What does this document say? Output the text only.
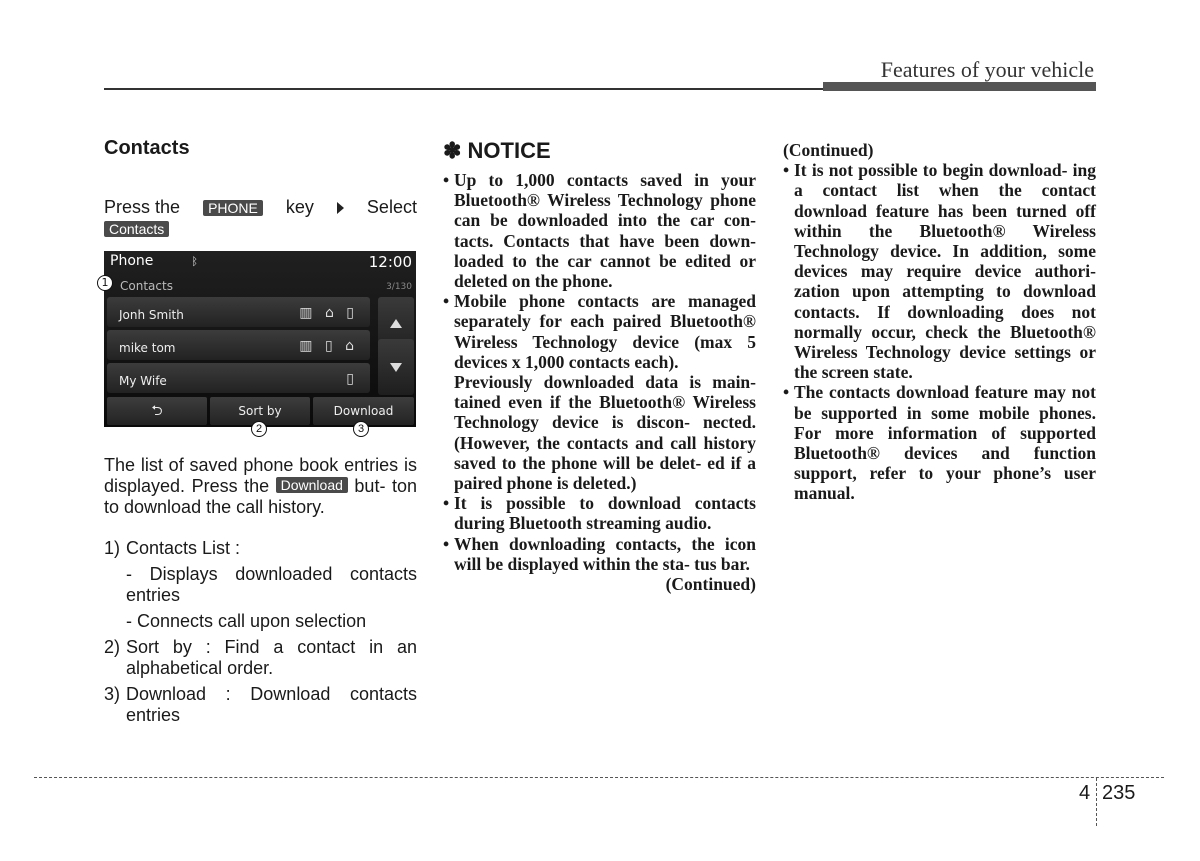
Features of your vehicle
Contacts
Press the	PHONE key	Select
Contacts
Phone	ᛒ	12:00
Contacts	3/130
Jonh Smith	▥ ⌂ ▯
mike tom	▥ ▯ ⌂
My Wife	▯
⮌	Sort by	Download
1
2	3

The list of saved phone book entries is displayed. Press the Download but- ton to download the call history.

1) Contacts List :
- Displays downloaded contacts entries
- Connects call upon selection
2) Sort by : Find a contact in an alphabetical order.
3) Download : Download contacts entries
✽ NOTICE
• Up to 1,000 contacts saved in your Bluetooth® Wireless Technology phone can be downloaded into the car con- tacts. Contacts that have been down- loaded to the car cannot be edited or deleted on the phone.
• Mobile phone contacts are managed separately for each paired Bluetooth® Wireless Technology device (max 5 devices x 1,000 contacts each).
Previously downloaded data is main- tained even if the Bluetooth® Wireless Technology device is discon- nected. (However, the contacts and call history saved to the phone will be delet- ed if a paired phone is deleted.)
• It is possible to download contacts during Bluetooth streaming audio.
• When downloading contacts, the icon will be displayed within the sta- tus bar.
(Continued)
(Continued)
• It is not possible to begin download- ing a contact list when the contact download feature has been turned off within the Bluetooth® Wireless Technology device. In addition, some devices may require device authori- zation upon attempting to download contacts. If downloading does not normally occur, check the Bluetooth® Wireless Technology device settings or the screen state.
• The contacts download feature may not be supported in some mobile phones. For more information of supported Bluetooth® devices and function support, refer to your phone’s user manual.
4 235
